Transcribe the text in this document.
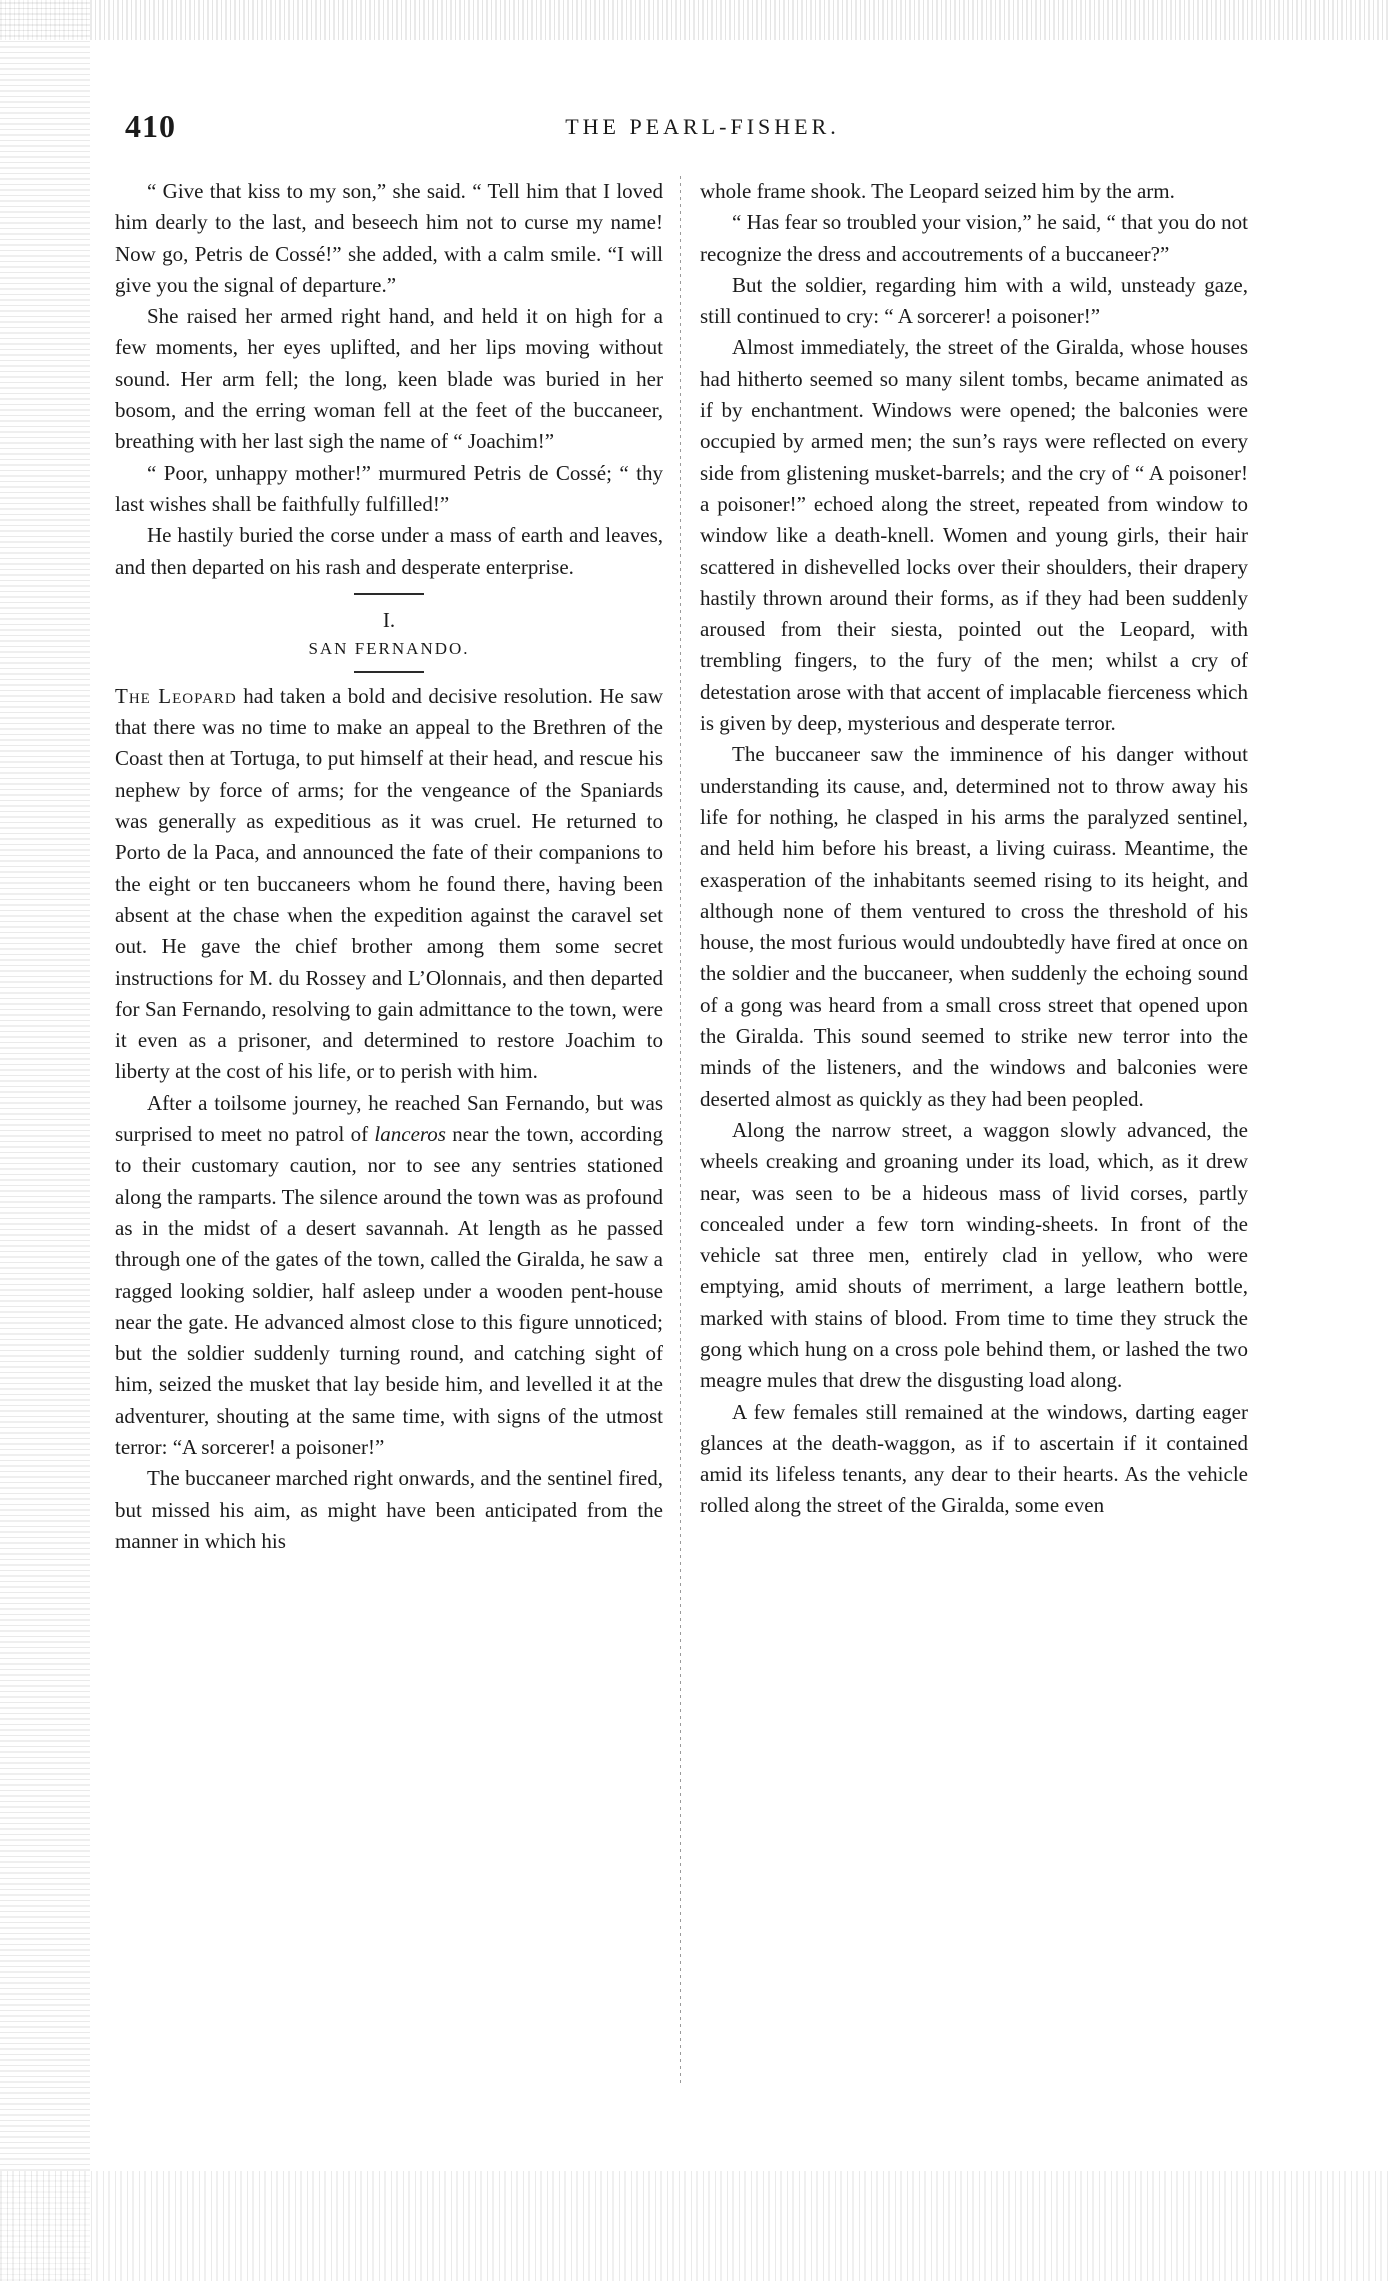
410	THE PEARL-FISHER.

“ Give that kiss to my son,” she said. “ Tell him that I loved him dearly to the last, and beseech him not to curse my name! Now go, Petris de Cossé!” she added, with a calm smile. “I will give you the signal of departure.”

She raised her armed right hand, and held it on high for a few moments, her eyes uplifted, and her lips moving without sound. Her arm fell; the long, keen blade was buried in her bosom, and the erring woman fell at the feet of the buccaneer, breathing with her last sigh the name of “ Joachim!”

“ Poor, unhappy mother!” murmured Petris de Cossé; “ thy last wishes shall be faithfully fulfilled!”

He hastily buried the corse under a mass of earth and leaves, and then departed on his rash and desperate enterprise.

I.
SAN FERNANDO.

The Leopard had taken a bold and decisive resolution. He saw that there was no time to make an appeal to the Brethren of the Coast then at Tortuga, to put himself at their head, and rescue his nephew by force of arms; for the vengeance of the Spaniards was generally as expeditious as it was cruel. He returned to Porto de la Paca, and announced the fate of their companions to the eight or ten buccaneers whom he found there, having been absent at the chase when the expedition against the caravel set out. He gave the chief brother among them some secret instructions for M. du Rossey and L’Olonnais, and then departed for San Fernando, resolving to gain admittance to the town, were it even as a prisoner, and determined to restore Joachim to liberty at the cost of his life, or to perish with him.

After a toilsome journey, he reached San Fernando, but was surprised to meet no patrol of lanceros near the town, according to their customary caution, nor to see any sentries stationed along the ramparts. The silence around the town was as profound as in the midst of a desert savannah. At length as he passed through one of the gates of the town, called the Giralda, he saw a ragged looking soldier, half asleep under a wooden pent-house near the gate. He advanced almost close to this figure unnoticed; but the soldier suddenly turning round, and catching sight of him, seized the musket that lay beside him, and levelled it at the adventurer, shouting at the same time, with signs of the utmost terror: “A sorcerer! a poisoner!”

The buccaneer marched right onwards, and the sentinel fired, but missed his aim, as might have been anticipated from the manner in which his

whole frame shook. The Leopard seized him by the arm.

“ Has fear so troubled your vision,” he said, “ that you do not recognize the dress and accoutrements of a buccaneer?”

But the soldier, regarding him with a wild, unsteady gaze, still continued to cry: “ A sorcerer! a poisoner!”

Almost immediately, the street of the Giralda, whose houses had hitherto seemed so many silent tombs, became animated as if by enchantment. Windows were opened; the balconies were occupied by armed men; the sun’s rays were reflected on every side from glistening musket-barrels; and the cry of “ A poisoner! a poisoner!” echoed along the street, repeated from window to window like a death-knell. Women and young girls, their hair scattered in dishevelled locks over their shoulders, their drapery hastily thrown around their forms, as if they had been suddenly aroused from their siesta, pointed out the Leopard, with trembling fingers, to the fury of the men; whilst a cry of detestation arose with that accent of implacable fierceness which is given by deep, mysterious and desperate terror.

The buccaneer saw the imminence of his danger without understanding its cause, and, determined not to throw away his life for nothing, he clasped in his arms the paralyzed sentinel, and held him before his breast, a living cuirass. Meantime, the exasperation of the inhabitants seemed rising to its height, and although none of them ventured to cross the threshold of his house, the most furious would undoubtedly have fired at once on the soldier and the buccaneer, when suddenly the echoing sound of a gong was heard from a small cross street that opened upon the Giralda. This sound seemed to strike new terror into the minds of the listeners, and the windows and balconies were deserted almost as quickly as they had been peopled.

Along the narrow street, a waggon slowly advanced, the wheels creaking and groaning under its load, which, as it drew near, was seen to be a hideous mass of livid corses, partly concealed under a few torn winding-sheets. In front of the vehicle sat three men, entirely clad in yellow, who were emptying, amid shouts of merriment, a large leathern bottle, marked with stains of blood. From time to time they struck the gong which hung on a cross pole behind them, or lashed the two meagre mules that drew the disgusting load along.

A few females still remained at the windows, darting eager glances at the death-waggon, as if to ascertain if it contained amid its lifeless tenants, any dear to their hearts. As the vehicle rolled along the street of the Giralda, some even
